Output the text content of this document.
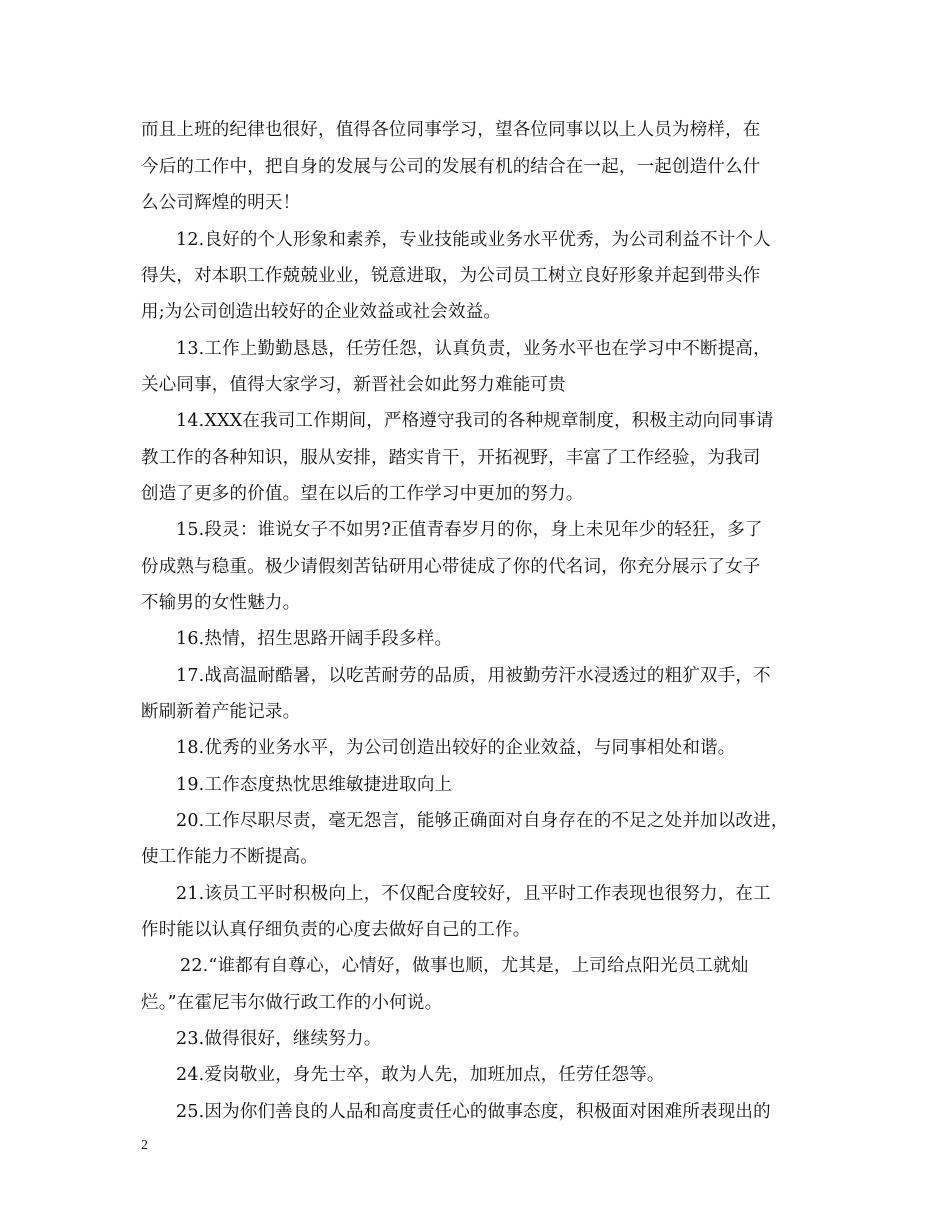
而且上班的纪律也很好，值得各位同事学习，望各位同事以以上人员为榜样，在
今后的工作中，把自身的发展与公司的发展有机的结合在一起，一起创造什么什
么公司辉煌的明天！
12.良好的个人形象和素养，专业技能或业务水平优秀，为公司利益不计个人
得失，对本职工作兢兢业业，锐意进取，为公司员工树立良好形象并起到带头作
用;为公司创造出较好的企业效益或社会效益。
13.工作上勤勤恳恳，任劳任怨，认真负责，业务水平也在学习中不断提高，
关心同事，值得大家学习，新晋社会如此努力难能可贵
14.XXX在我司工作期间，严格遵守我司的各种规章制度，积极主动向同事请
教工作的各种知识，服从安排，踏实肯干，开拓视野，丰富了工作经验，为我司
创造了更多的价值。望在以后的工作学习中更加的努力。
15.段灵：谁说女子不如男?正值青春岁月的你，身上未见年少的轻狂，多了
份成熟与稳重。极少请假刻苦钻研用心带徒成了你的代名词，你充分展示了女子
不输男的女性魅力。
16.热情，招生思路开阔手段多样。
17.战高温耐酷暑，以吃苦耐劳的品质，用被勤劳汗水浸透过的粗犷双手，不
断刷新着产能记录。
18.优秀的业务水平，为公司创造出较好的企业效益，与同事相处和谐。
19.工作态度热忱思维敏捷进取向上
20.工作尽职尽责，毫无怨言，能够正确面对自身存在的不足之处并加以改进，
使工作能力不断提高。
21.该员工平时积极向上，不仅配合度较好，且平时工作表现也很努力，在工
作时能以认真仔细负责的心度去做好自己的工作。
22.“谁都有自尊心，心情好，做事也顺，尤其是，上司给点阳光员工就灿
烂。”在霍尼韦尔做行政工作的小何说。
23.做得很好，继续努力。
24.爱岗敬业，身先士卒，敢为人先，加班加点，任劳任怨等。
25.因为你们善良的人品和高度责任心的做事态度，积极面对困难所表现出的
2
